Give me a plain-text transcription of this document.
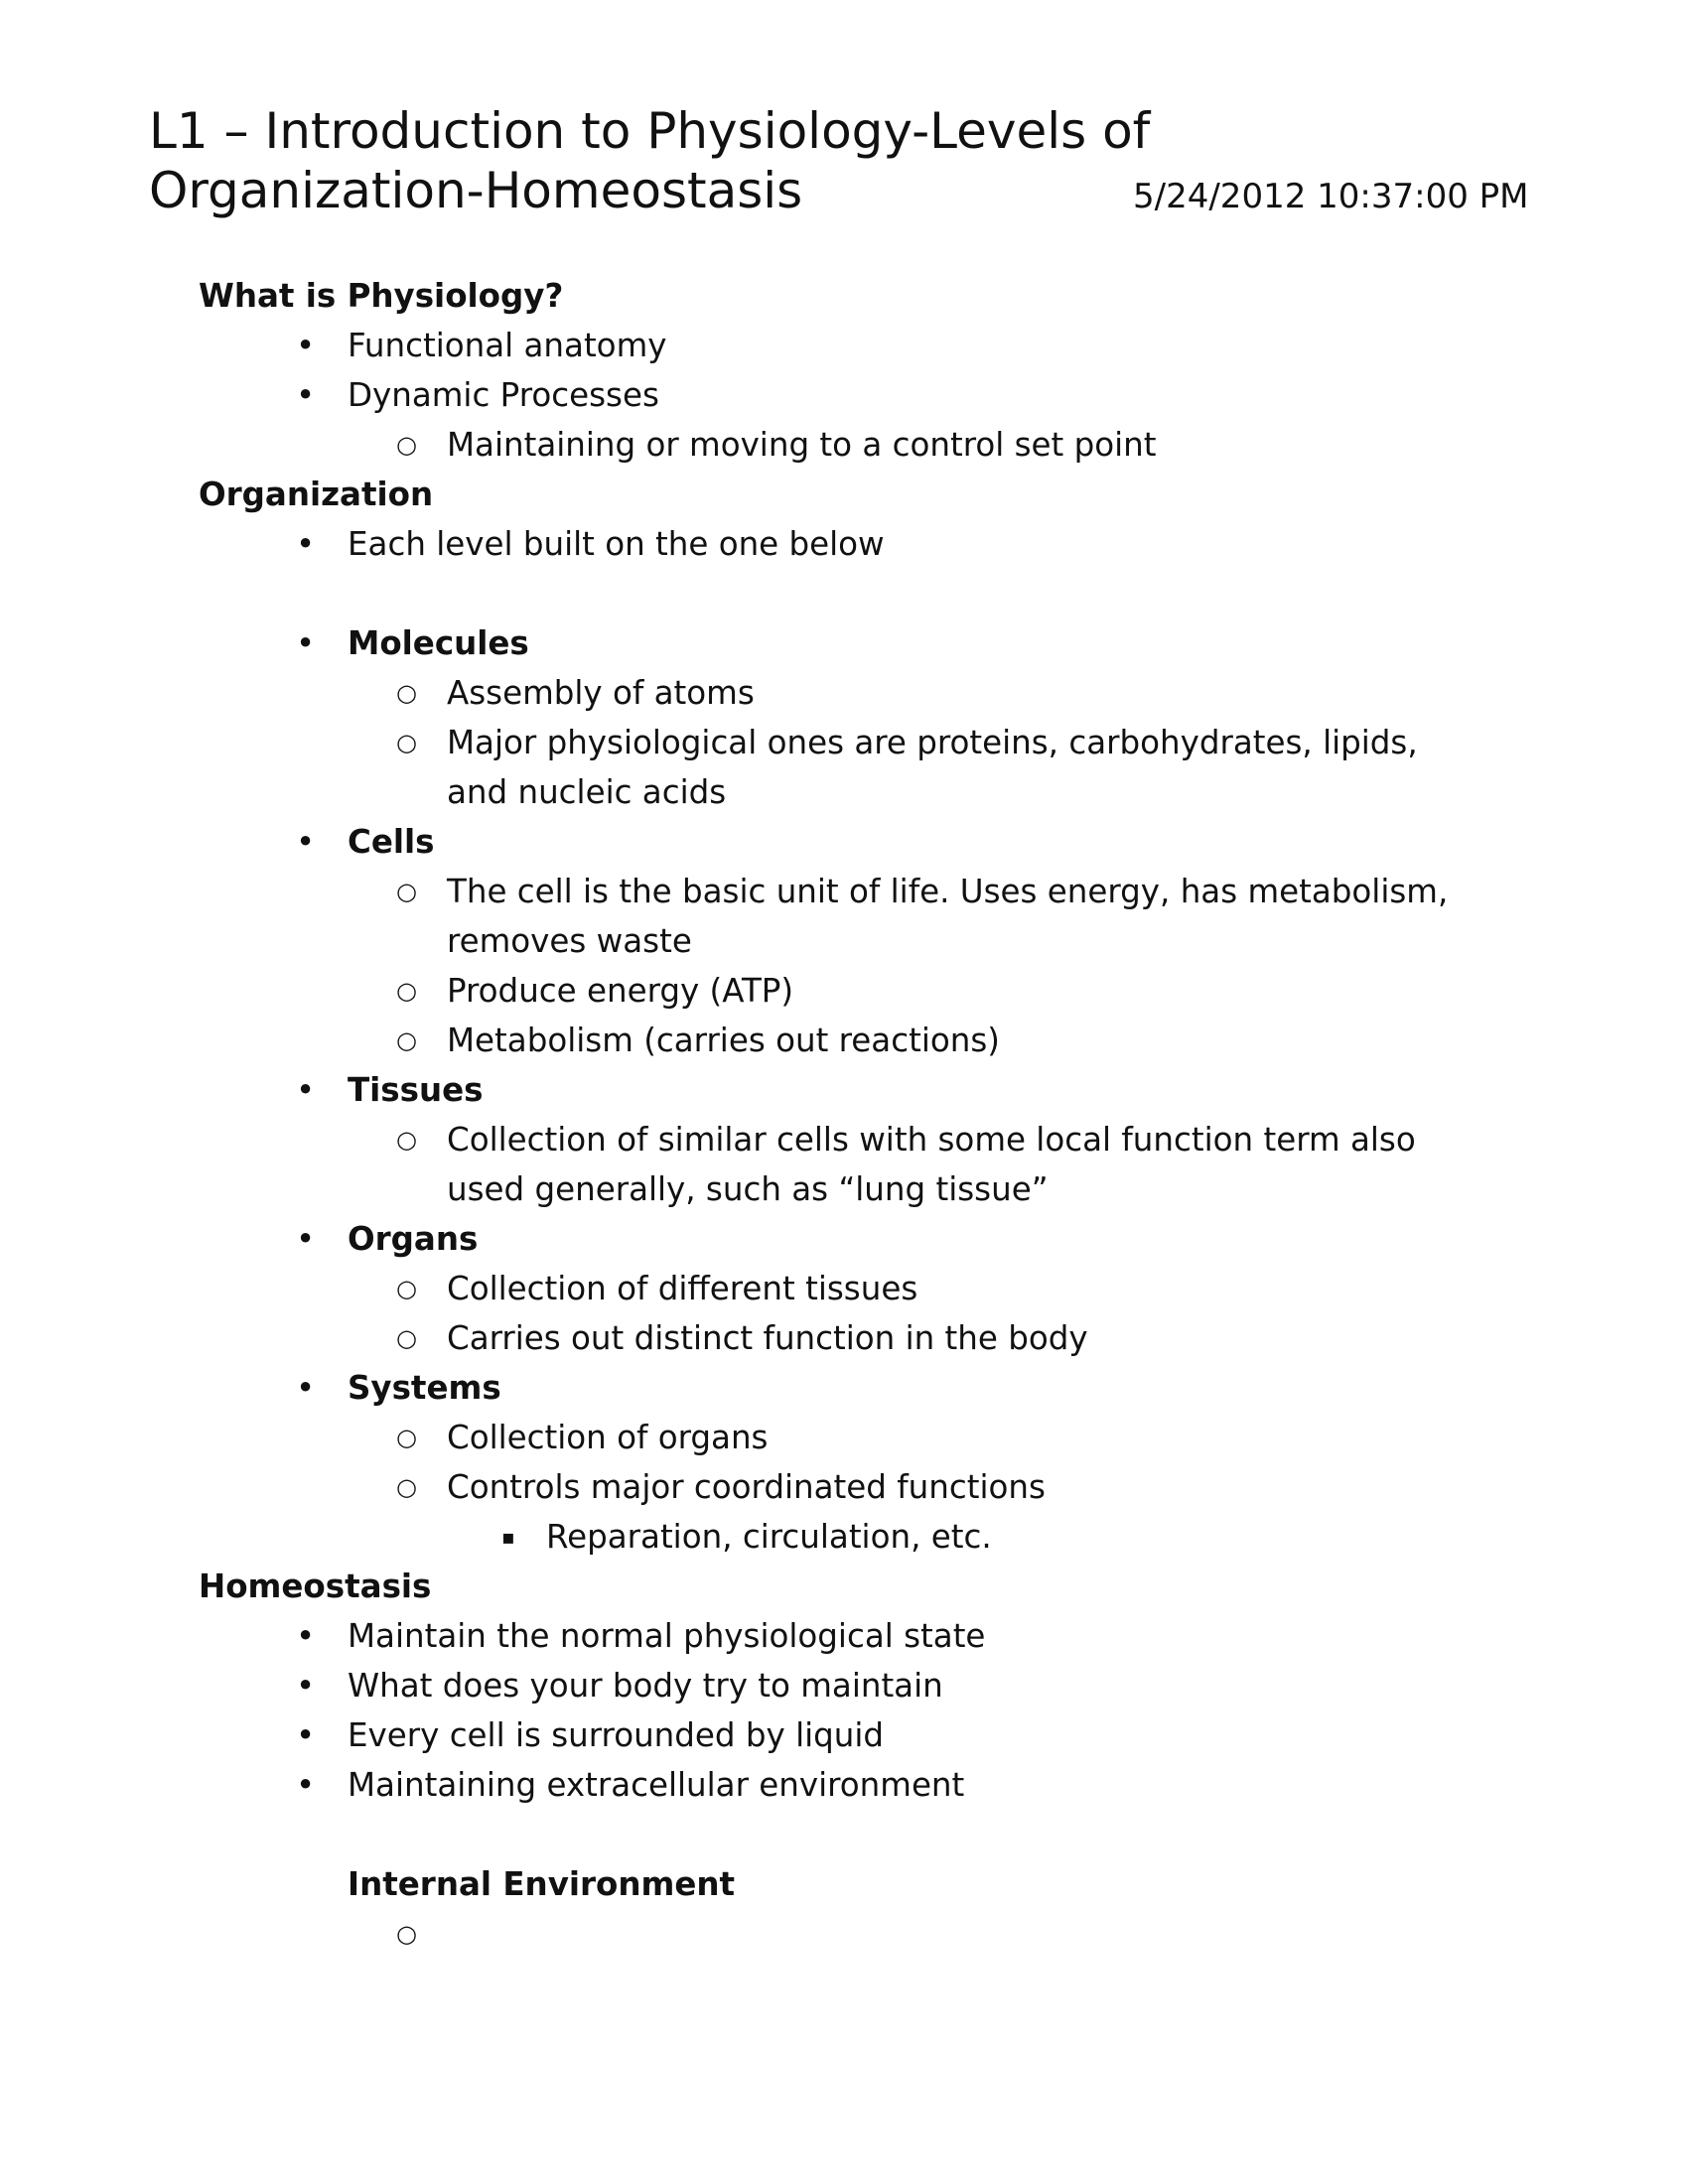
L1 – Introduction to Physiology-Levels of
Organization-Homeostasis	5/24/2012 10:37:00 PM
What is Physiology?
• Functional anatomy
• Dynamic Processes
○ Maintaining or moving to a control set point
Organization
• Each level built on the one below
• Molecules
○ Assembly of atoms
○ Major physiological ones are proteins, carbohydrates, lipids,
and nucleic acids
• Cells
○ The cell is the basic unit of life. Uses energy, has metabolism,
removes waste
○ Produce energy (ATP)
○ Metabolism (carries out reactions)
• Tissues
○ Collection of similar cells with some local function term also
used generally, such as “lung tissue”
• Organs
○ Collection of different tissues
○ Carries out distinct function in the body
• Systems
○ Collection of organs
○ Controls major coordinated functions
▪ Reparation, circulation, etc.
Homeostasis
• Maintain the normal physiological state
• What does your body try to maintain
• Every cell is surrounded by liquid
• Maintaining extracellular environment
Internal Environment
○
